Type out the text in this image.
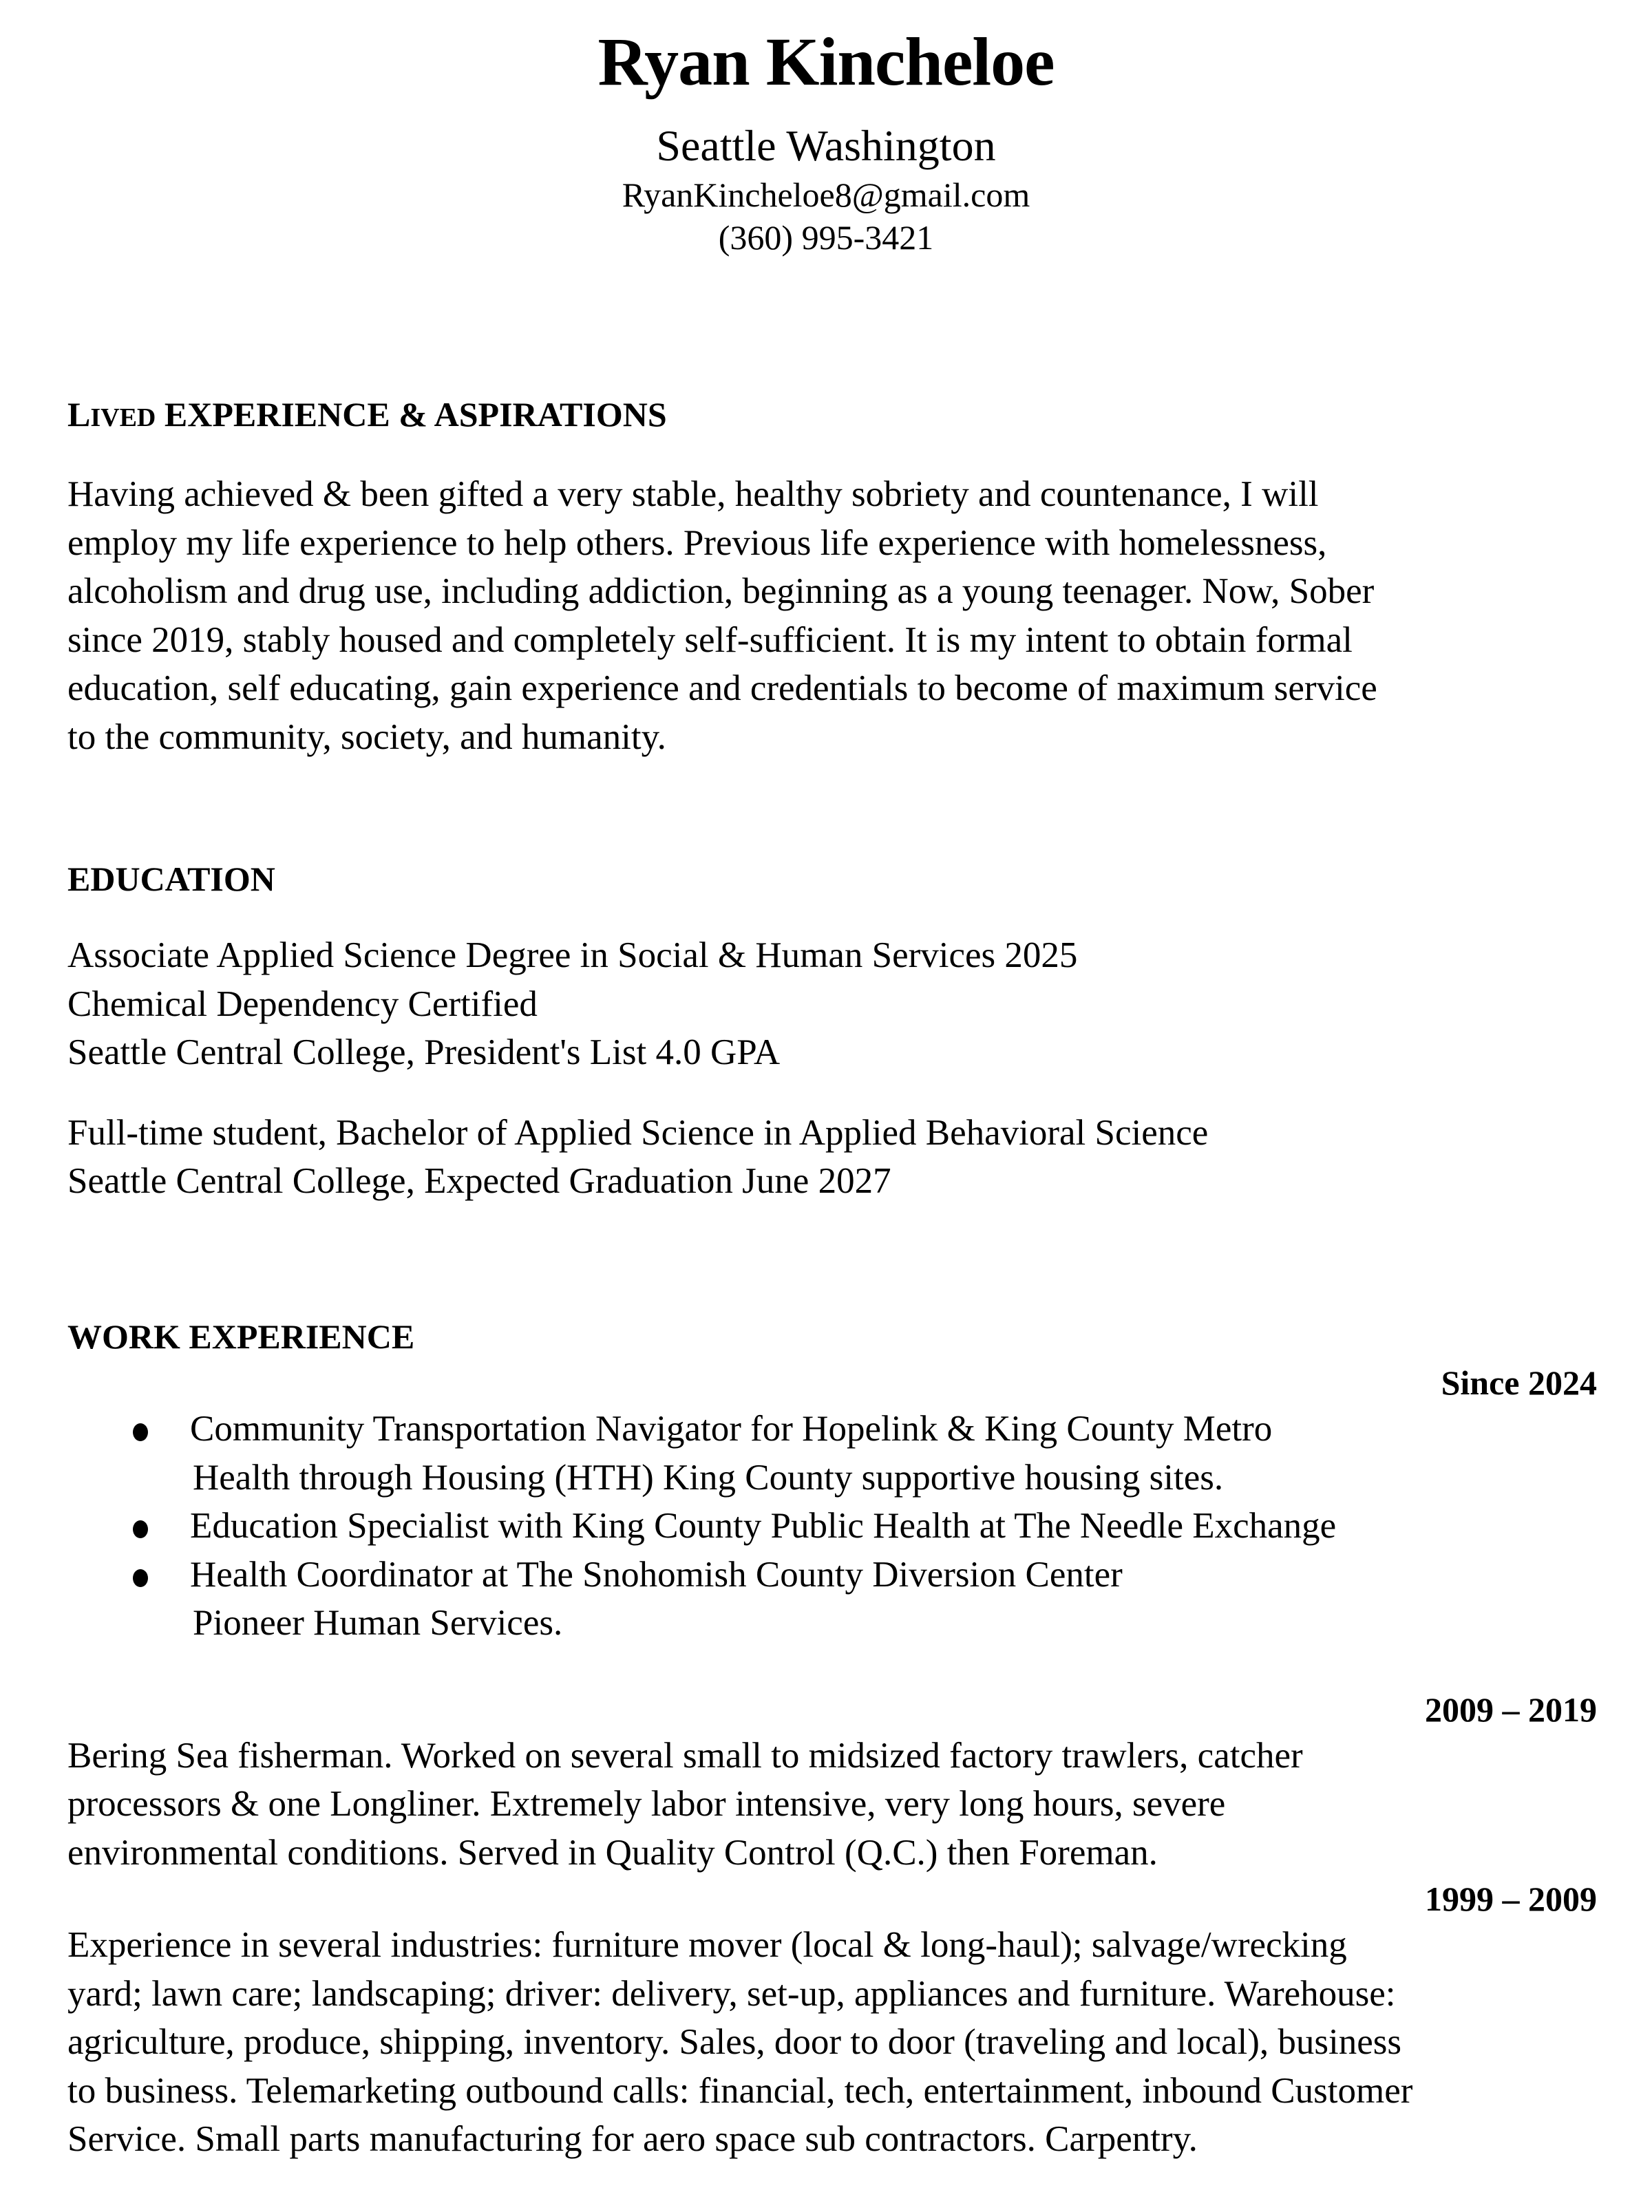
Ryan Kincheloe
Seattle Washington
RyanKincheloe8@gmail.com
(360) 995-3421
LIVED EXPERIENCE & ASPIRATIONS

Having achieved & been gifted a very stable, healthy sobriety and countenance, I will

employ my life experience to help others. Previous life experience with homelessness,

alcoholism and drug use, including addiction, beginning as a young teenager. Now, Sober

since 2019, stably housed and completely self-sufficient. It is my intent to obtain formal

education, self educating, gain experience and credentials to become of maximum service

to the community, society, and humanity.

EDUCATION

Associate Applied Science Degree in Social & Human Services 2025

Chemical Dependency Certified

Seattle Central College, President's List 4.0 GPA

Full-time student, Bachelor of Applied Science in Applied Behavioral Science

Seattle Central College, Expected Graduation June 2027

WORK EXPERIENCE
Since 2024
Community Transportation Navigator for Hopelink & King County Metro
Health through Housing (HTH) King County supportive housing sites.
Education Specialist with King County Public Health at The Needle Exchange
Health Coordinator at The Snohomish County Diversion Center
Pioneer Human Services.
2009 – 2019

Bering Sea fisherman. Worked on several small to midsized factory trawlers, catcher

processors & one Longliner. Extremely labor intensive, very long hours, severe

environmental conditions. Served in Quality Control (Q.C.) then Foreman.

1999 – 2009

Experience in several industries: furniture mover (local & long-haul); salvage/wrecking

yard; lawn care; landscaping; driver: delivery, set-up, appliances and furniture. Warehouse:

agriculture, produce, shipping, inventory. Sales, door to door (traveling and local), business

to business. Telemarketing outbound calls: financial, tech, entertainment, inbound Customer

Service. Small parts manufacturing for aero space sub contractors. Carpentry.
